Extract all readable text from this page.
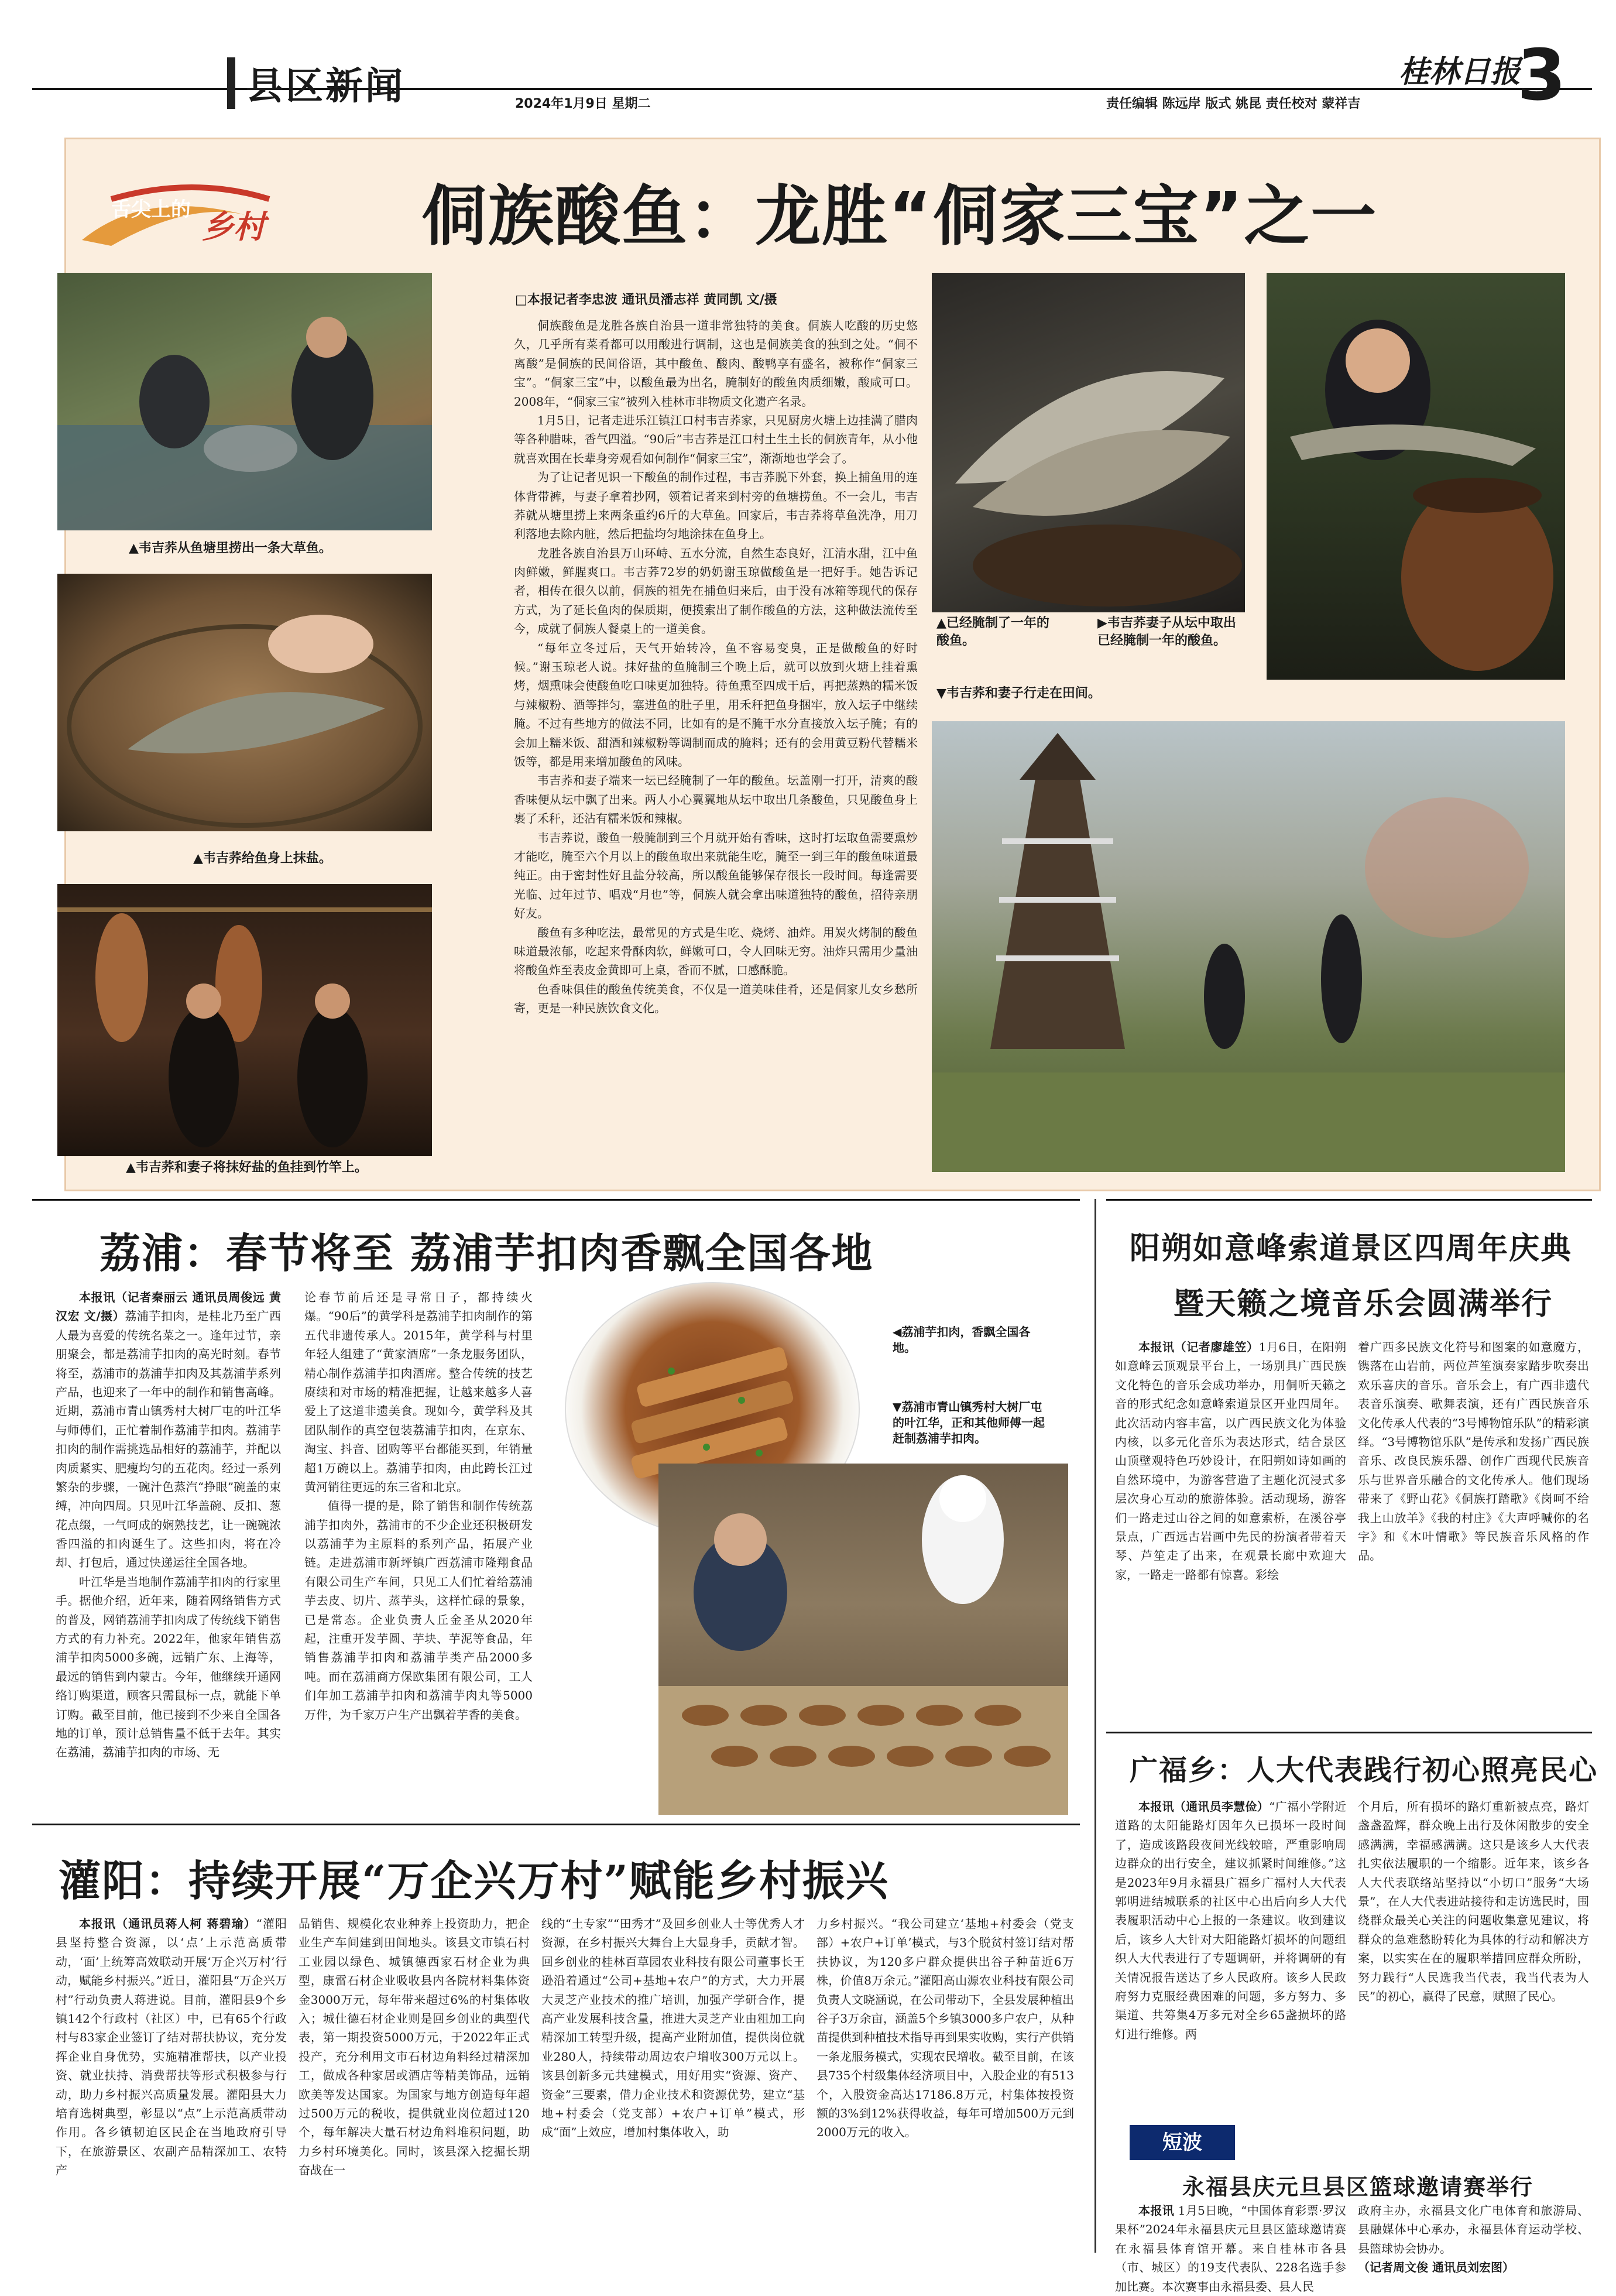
县区新闻	2024年1月9日 星期二
桂林日报
3
责任编辑 陈远岸 版式 姚昆 责任校对 蒙祥吉
舌尖上的 乡村 侗族酸鱼：龙胜“侗家三宝”之一
▲韦吉荞从鱼塘里捞出一条大草鱼。
▲韦吉荞给鱼身上抹盐。
▲韦吉荞和妻子将抹好盐的鱼挂到竹竿上。
□本报记者李忠波 通讯员潘志祥 黄同凯 文/摄

侗族酸鱼是龙胜各族自治县一道非常独特的美食。侗族人吃酸的历史悠久，几乎所有菜肴都可以用酸进行调制，这也是侗族美食的独到之处。“侗不离酸”是侗族的民间俗语，其中酸鱼、酸肉、酸鸭享有盛名，被称作“侗家三宝”。“侗家三宝”中，以酸鱼最为出名，腌制好的酸鱼肉质细嫩，酸咸可口。2008年，“侗家三宝”被列入桂林市非物质文化遗产名录。

1月5日，记者走进乐江镇江口村韦吉荞家，只见厨房火塘上边挂满了腊肉等各种腊味，香气四溢。“90后”韦吉荞是江口村土生土长的侗族青年，从小他就喜欢围在长辈身旁观看如何制作“侗家三宝”，渐渐地也学会了。

为了让记者见识一下酸鱼的制作过程，韦吉荞脱下外套，换上捕鱼用的连体背带裤，与妻子拿着抄网，领着记者来到村旁的鱼塘捞鱼。不一会儿，韦吉荞就从塘里捞上来两条重约6斤的大草鱼。回家后，韦吉荞将草鱼洗净，用刀利落地去除内脏，然后把盐均匀地涂抹在鱼身上。

龙胜各族自治县万山环峙、五水分流，自然生态良好，江清水甜，江中鱼肉鲜嫩，鲜腥爽口。韦吉荞72岁的奶奶谢玉琼做酸鱼是一把好手。她告诉记者，相传在很久以前，侗族的祖先在捕鱼归来后，由于没有冰箱等现代的保存方式，为了延长鱼肉的保质期，便摸索出了制作酸鱼的方法，这种做法流传至今，成就了侗族人餐桌上的一道美食。

“每年立冬过后，天气开始转冷，鱼不容易变臭，正是做酸鱼的好时候。”谢玉琼老人说。抹好盐的鱼腌制三个晚上后，就可以放到火塘上挂着熏烤，烟熏味会使酸鱼吃口味更加独特。待鱼熏至四成干后，再把蒸熟的糯米饭与辣椒粉、酒等拌匀，塞进鱼的肚子里，用禾秆把鱼身捆牢，放入坛子中继续腌。不过有些地方的做法不同，比如有的是不腌干水分直接放入坛子腌；有的会加上糯米饭、甜酒和辣椒粉等调制而成的腌料；还有的会用黄豆粉代替糯米饭等，都是用来增加酸鱼的风味。

韦吉荞和妻子端来一坛已经腌制了一年的酸鱼。坛盖刚一打开，清爽的酸香味便从坛中飘了出来。两人小心翼翼地从坛中取出几条酸鱼，只见酸鱼身上裹了禾秆，还沾有糯米饭和辣椒。

韦吉荞说，酸鱼一般腌制到三个月就开始有香味，这时打坛取鱼需要熏炒才能吃，腌至六个月以上的酸鱼取出来就能生吃，腌至一到三年的酸鱼味道最纯正。由于密封性好且盐分较高，所以酸鱼能够保存很长一段时间。每逢需要光临、过年过节、唱戏“月也”等，侗族人就会拿出味道独特的酸鱼，招待亲朋好友。

酸鱼有多种吃法，最常见的方式是生吃、烧烤、油炸。用炭火烤制的酸鱼味道最浓郁，吃起来骨酥肉软，鲜嫩可口，令人回味无穷。油炸只需用少量油将酸鱼炸至表皮金黄即可上桌，香而不腻，口感酥脆。

色香味俱佳的酸鱼传统美食，不仅是一道美味佳肴，还是侗家儿女乡愁所寄，更是一种民族饮食文化。

▲已经腌制了一年的酸鱼。
▶韦吉荞妻子从坛中取出已经腌制一年的酸鱼。
▼韦吉荞和妻子行走在田间。
荔浦：春节将至 荔浦芋扣肉香飘全国各地

本报讯（记者秦丽云 通讯员周俊远 黄汉宏 文/摄）荔浦芋扣肉，是桂北乃至广西人最为喜爱的传统名菜之一。逢年过节，亲朋聚会，都是荔浦芋扣肉的高光时刻。春节将至，荔浦市的荔浦芋扣肉及其荔浦芋系列产品，也迎来了一年中的制作和销售高峰。近期，荔浦市青山镇秀村大树厂屯的叶江华与师傅们，正忙着制作荔浦芋扣肉。荔浦芋扣肉的制作需挑选品相好的荔浦芋，并配以肉质紧实、肥瘦均匀的五花肉。经过一系列繁杂的步骤，一碗汁色蒸汽“挣眼”碗盖的束缚，冲向四周。只见叶江华盖碗、反扣、葱花点缀，一气呵成的娴熟技艺，让一碗碗浓香四溢的扣肉诞生了。这些扣肉，将在冷却、打包后，通过快递运往全国各地。

叶江华是当地制作荔浦芋扣肉的行家里手。据他介绍，近年来，随着网络销售方式的普及，网销荔浦芋扣肉成了传统线下销售方式的有力补充。2022年，他家年销售荔浦芋扣肉5000多碗，远销广东、上海等，最远的销售到内蒙古。今年，他继续开通网络订购渠道，顾客只需鼠标一点，就能下单订购。截至目前，他已接到不少来自全国各地的订单，预计总销售量不低于去年。其实在荔浦，荔浦芋扣肉的市场、无

论春节前后还是寻常日子，都持续火爆。“90后”的黄学科是荔浦芋扣肉制作的第五代非遗传承人。2015年，黄学科与村里年轻人组建了“黄家酒席”一条龙服务团队，精心制作荔浦芋扣肉酒席。整合传统的技艺赓续和对市场的精准把握，让越来越多人喜爱上了这道非遗美食。现如今，黄学科及其团队制作的真空包装荔浦芋扣肉，在京东、淘宝、抖音、团购等平台都能买到，年销量超1万碗以上。荔浦芋扣肉，由此跨长江过黄河销往更远的东三省和北京。

值得一提的是，除了销售和制作传统荔浦芋扣肉外，荔浦市的不少企业还积极研发以荔浦芋为主原料的系列产品，拓展产业链。走进荔浦市新坪镇广西荔浦市隆翔食品有限公司生产车间，只见工人们忙着给荔浦芋去皮、切片、蒸芋头，这样忙碌的景象，已是常态。企业负责人丘金圣从2020年起，注重开发芋圆、芋块、芋泥等食品，年销售荔浦芋扣肉和荔浦芋类产品2000多吨。而在荔浦商方保欧集团有限公司，工人们年加工荔浦芋扣肉和荔浦芋肉丸等5000万件，为千家万户生产出飘着芋香的美食。

◀荔浦芋扣肉，香飘全国各地。
▼荔浦市青山镇秀村大树厂屯的叶江华，正和其他师傅一起赶制荔浦芋扣肉。
灌阳：持续开展“万企兴万村”赋能乡村振兴

本报讯（通讯员蒋人柯 蒋碧瑜）“灌阳县坚持整合资源，以‘点’上示范高质带动，‘面’上统筹高效联动开展‘万企兴万村’行动，赋能乡村振兴。”近日，灌阳县“万企兴万村”行动负责人蒋进说。目前，灌阳县9个乡镇142个行政村（社区）中，已有65个行政村与83家企业签订了结对帮扶协议，充分发挥企业自身优势，实施精准帮扶，以产业投资、就业扶持、消费帮扶等形式积极参与行动，助力乡村振兴高质量发展。灌阳县大力培育选树典型，彰显以“点”上示范高质带动作用。各乡镇韧迫区民企在当地政府引导下，在旅游景区、农副产品精深加工、农特产

品销售、规模化农业种养上投资助力，把企业生产车间建到田间地头。该县文市镇石村工业园以绿色、城镇德西家石材企业为典型，康雷石材企业吸收县内各院材料集体资金3000万元，每年带来超过6%的村集体收入；城仕德石材企业则是回乡创业的典型代表，第一期投资5000万元，于2022年正式投产，充分利用文市石材边角料经过精深加工，做成各种家居或酒店等精美饰品，远销欧美等发达国家。为国家与地方创造每年超过500万元的税收，提供就业岗位超过120个，每年解决大量石材边角料堆积问题，助力乡村环境美化。同时，该县深入挖掘长期奋战在一

线的“土专家”“田秀才”及回乡创业人士等优秀人才资源，在乡村振兴大舞台上大显身手，贡献才智。回乡创业的桂林百草园农业科技有限公司董事长王逊沿着通过“公司+基地+农户”的方式，大力开展大灵芝产业技术的推广培训，加强产学研合作，提高产业发展科技含量，推进大灵芝产业由粗加工向精深加工转型升级，提高产业附加值，提供岗位就业280人，持续带动周边农户增收300万元以上。该县创新多元共建模式，用好用实“资源、资产、资金”三要素，借力企业技术和资源优势，建立“基地+村委会（党支部）+农户+订单”模式，形成“面”上效应，增加村集体收入，助

力乡村振兴。“我公司建立‘基地+村委会（党支部）+农户+订单’模式，与3个脱贫村签订结对帮扶协议，为120多户群众提供出谷子种苗近6万株，价值8万余元。”灌阳高山源农业科技有限公司负责人文晓涵说，在公司带动下，全县发展种植出谷子3万余亩，涵盖5个乡镇3000多户农户，从种苗提供到种植技术指导再到果实收购，实行产供销一条龙服务模式，实现农民增收。截至目前，在该县735个村级集体经济项目中，入股企业的有513个，入股资金高达17186.8万元，村集体按投资额的3%到12%获得收益，每年可增加500万元到2000万元的收入。

阳朔如意峰索道景区四周年庆典
暨天籁之境音乐会圆满举行

本报讯（记者廖雄笠）1月6日，在阳朔如意峰云顶观景平台上，一场别具广西民族文化特色的音乐会成功举办，用侗听天籁之音的形式纪念如意峰索道景区开业四周年。此次活动内容丰富，以广西民族文化为体验内核，以多元化音乐为表达形式，结合景区山顶壁观特色巧妙设计，在阳朔如诗如画的自然环境中，为游客营造了主题化沉浸式多层次身心互动的旅游体验。活动现场，游客们一路走过山谷之间的如意索桥，在溪谷亭景点，广西远古岩画中先民的扮演者带着天琴、芦笙走了出来，在观景长廊中欢迎大家，一路走一路都有惊喜。彩绘

着广西多民族文化符号和图案的如意魔方，镌落在山岩前，两位芦笙演奏家踏步吹奏出欢乐喜庆的音乐。音乐会上，有广西非遗代表音乐演奏、歌舞表演，还有广西民族音乐文化传承人代表的“3号博物馆乐队”的精彩演绎。“3号博物馆乐队”是传承和发扬广西民族音乐、改良民族乐器、创作广西现代民族音乐与世界音乐融合的文化传承人。他们现场带来了《野山花》《侗族打踏歌》《岗呵不给我上山放羊》《我的村庄》《大声呼喊你的名字》和《木叶情歌》等民族音乐风格的作品。

广福乡：人大代表践行初心照亮民心

本报讯（通讯员李慧俭）“广福小学附近道路的太阳能路灯因年久已损坏一段时间了，造成该路段夜间光线较暗，严重影响周边群众的出行安全，建议抓紧时间维修。”这是2023年9月永福县广福乡广福村人大代表郭明进结城联系的社区中心出后向乡人大代表履职活动中心上报的一条建议。收到建议后，该乡人大针对大阳能路灯损坏的问题组织人大代表进行了专题调研，并将调研的有关情况报告送达了乡人民政府。该乡人民政府努力克服经费困难的问题，多方努力、多渠道、共筹集4万多元对全乡65盏损坏的路灯进行维修。两

个月后，所有损坏的路灯重新被点亮，路灯盏盏盈辉，群众晚上出行及休闲散步的安全感满满，幸福感满满。这只是该乡人大代表扎实依法履职的一个缩影。近年来，该乡各人大代表联络站坚持以“小切口”服务“大场景”，在人大代表进站接待和走访选民时，围绕群众最关心关注的问题收集意见建议，将群众的急难愁盼转化为具体的行动和解决方案，以实实在在的履职举措回应群众所盼，努力践行“人民选我当代表，我当代表为人民”的初心，赢得了民意，赋照了民心。

短波
永福县庆元旦县区篮球邀请赛举行

本报讯 1月5日晚，“中国体育彩票·罗汉果杯”2024年永福县庆元旦县区篮球邀请赛在永福县体育馆开幕。来自桂林市各县（市、城区）的19支代表队、228名选手参加比赛。本次赛事由永福县委、县人民

政府主办，永福县文化广电体育和旅游局、县融媒体中心承办，永福县体育运动学校、县篮球协会协办。

（记者周文俊 通讯员刘宏图）
